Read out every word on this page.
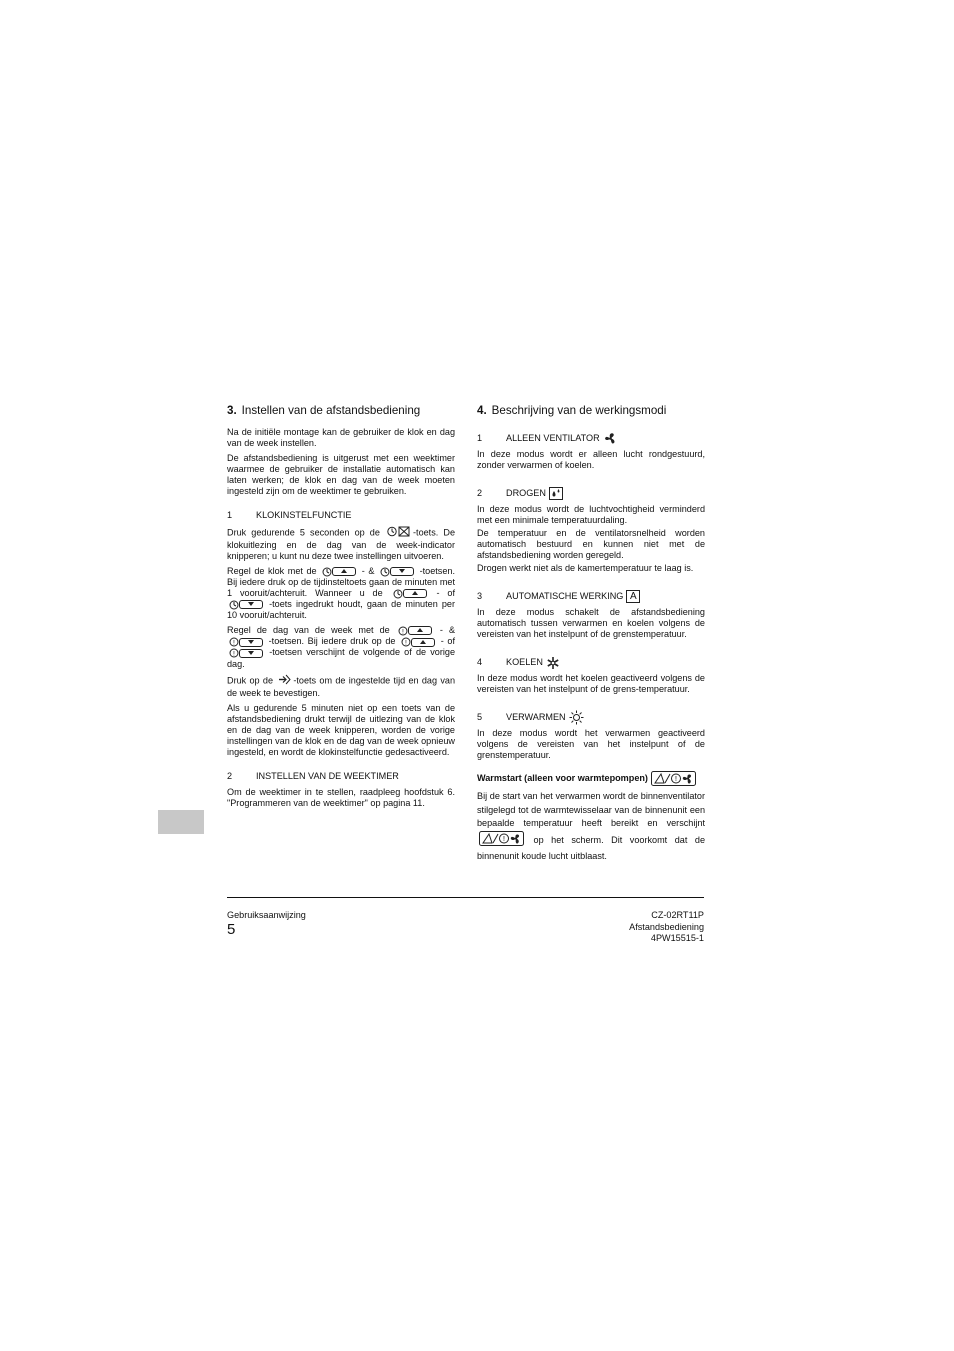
3. Instellen van de afstandsbediening

Na de initiële montage kan de gebruiker de klok en dag van de week instellen.

De afstandsbediening is uitgerust met een weektimer waarmee de gebruiker de installatie automatisch kan laten werken; de klok en dag van de week moeten ingesteld zijn om de weektimer te gebruiken.

1	KLOKINSTELFUNCTIE

Druk gedurende 5 seconden op de	-toets. De klokuitlezing en de dag van de week-indicator knipperen; u kunt nu deze twee instellingen uitvoeren.

Regel de klok met de	- &	-toetsen. Bij iedere druk op de tijdinsteltoets gaan de minuten met 1 vooruit/achteruit. Wanneer u de	- of  -toets ingedrukt houdt, gaan de minuten per 10 vooruit/achteruit.

Regel de dag van de week met de !	- &
!	-toetsen. Bij iedere druk op de !	- of
!	-toetsen verschijnt de volgende of de vorige dag.

Druk op de -toets om de ingestelde tijd en dag van de week te bevestigen.

Als u gedurende 5 minuten niet op een toets van de afstandsbediening drukt terwijl de uitlezing van de klok en de dag van de week knipperen, worden de vorige instellingen van de klok en de dag van de week opnieuw ingesteld, en wordt de klokinstelfunctie gedesactiveerd.

2	INSTELLEN VAN DE WEEKTIMER

Om de weektimer in te stellen, raadpleeg hoofdstuk 6. "Programmeren van de weektimer" op pagina 11.

4. Beschrijving van de werkingsmodi
1	ALLEEN VENTILATOR

In deze modus wordt er alleen lucht rondgestuurd, zonder verwarmen of koelen.

2	DROGEN

In deze modus wordt de luchtvochtigheid verminderd met een minimale temperatuurdaling.

De temperatuur en de ventilatorsnelheid worden automatisch bestuurd en kunnen niet met de afstandsbediening worden geregeld.

Drogen werkt niet als de kamertemperatuur te laag is.

3	AUTOMATISCHE WERKING A

In deze modus schakelt de afstandsbediening automatisch tussen verwarmen en koelen volgens de vereisten van het instelpunt of de grenstemperatuur.

4	KOELEN

In deze modus wordt het koelen geactiveerd volgens de vereisten van het instelpunt of de grens-temperatuur.

5	VERWARMEN

In deze modus wordt het verwarmen geactiveerd volgens de vereisten van het instelpunt of de grenstemperatuur.

Warmstart (alleen voor warmtepompen)	!

Bij de start van het verwarmen wordt de binnenventilator stilgelegd tot de warmtewisselaar van de binnenunit een bepaalde temperatuur heeft bereikt en verschijnt
!	op het scherm. Dit voorkomt dat de binnenunit koude lucht uitblaast.

Gebruiksaanwijzing
5
CZ-02RT11P
Afstandsbediening
4PW15515-1
